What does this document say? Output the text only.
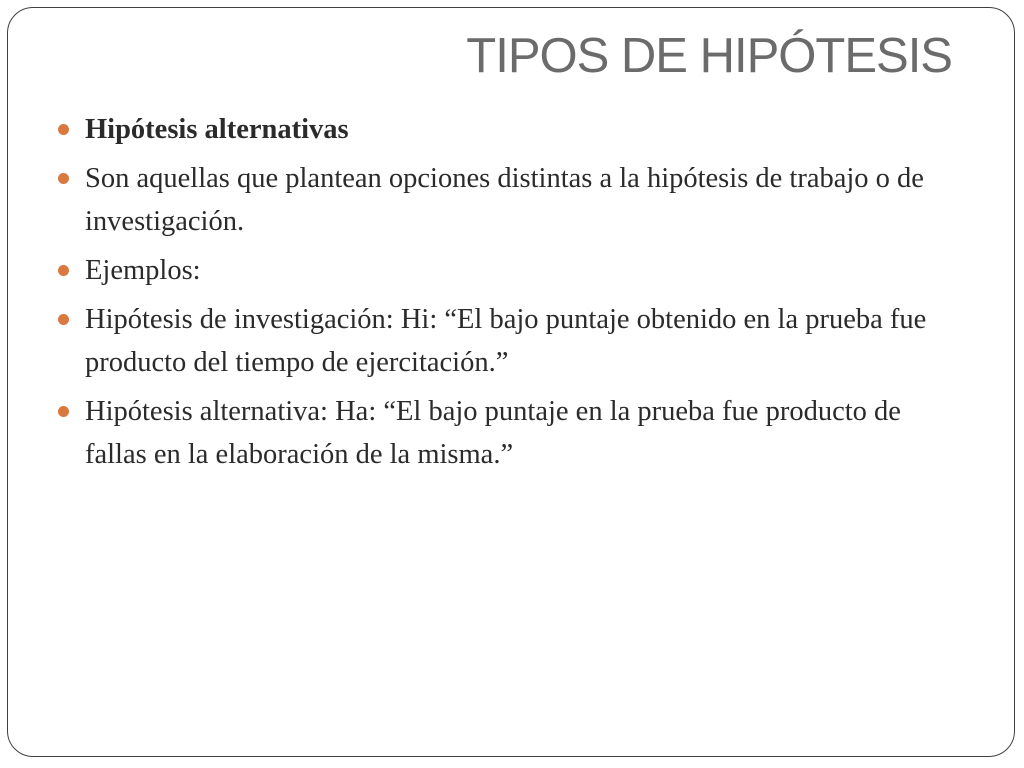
TIPOS DE HIPÓTESIS
Hipótesis alternativas
Son aquellas que plantean opciones distintas a la hipótesis de trabajo o de investigación.
Ejemplos:
Hipótesis de investigación: Hi: “El bajo puntaje obtenido en la prueba fue producto del tiempo de ejercitación.”
Hipótesis alternativa: Ha: “El bajo puntaje en la prueba fue producto de fallas en la elaboración de la misma.”
